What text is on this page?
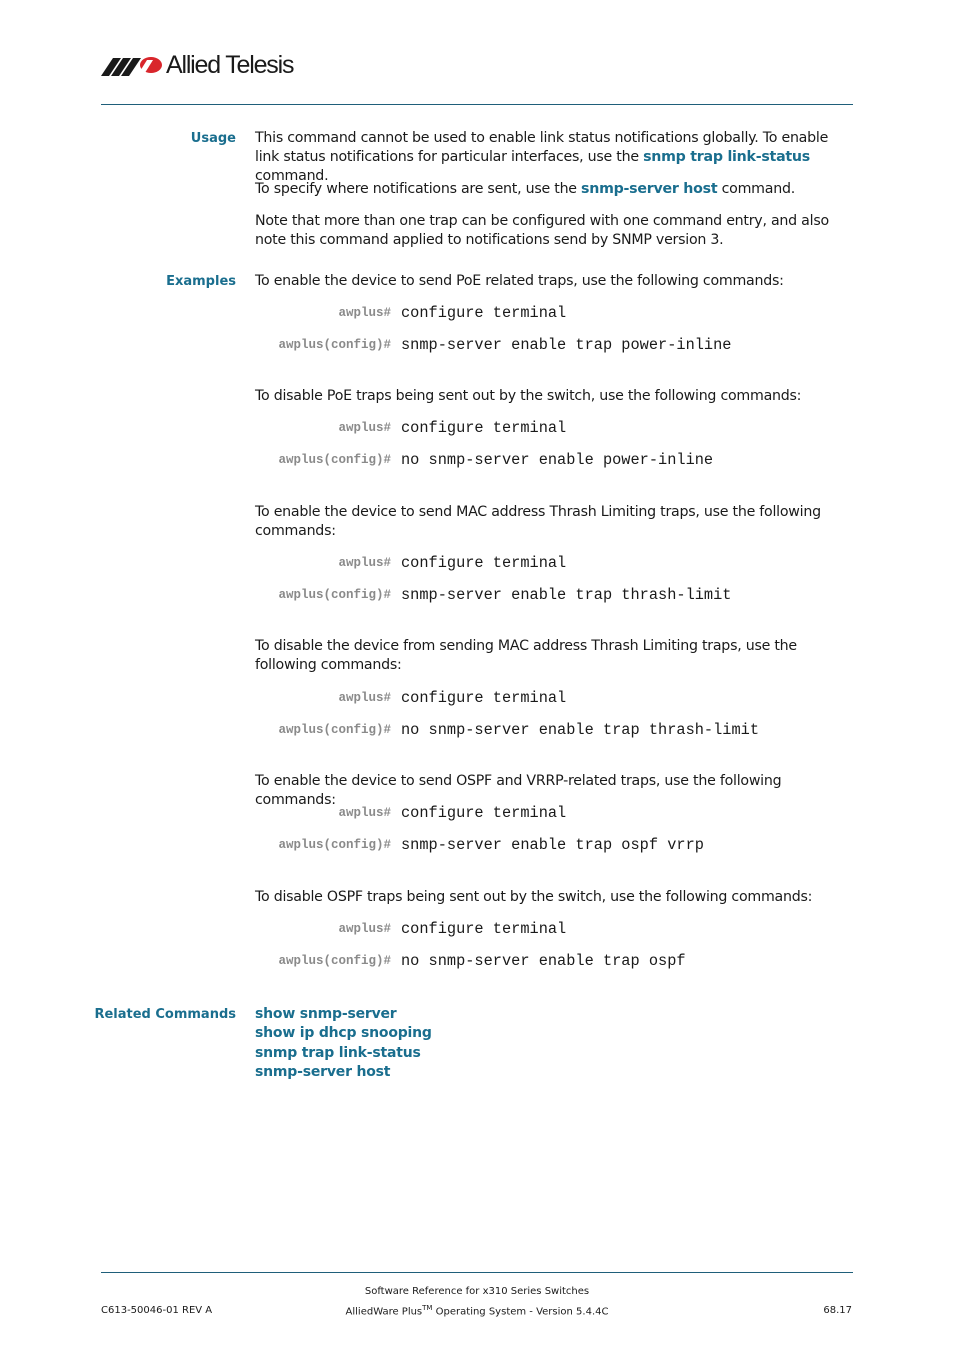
Allied Telesis
Usage This command cannot be used to enable link status notifications globally. To enable link status notifications for particular interfaces, use the snmp trap link-status command.
To specify where notifications are sent, use the snmp-server host command.
Note that more than one trap can be configured with one command entry, and also note this command applied to notifications send by SNMP version 3.
Examples To enable the device to send PoE related traps, use the following commands:
awplus# configure terminal
awplus(config)# snmp-server enable trap power-inline
To disable PoE traps being sent out by the switch, use the following commands:
awplus# configure terminal
awplus(config)# no snmp-server enable power-inline
To enable the device to send MAC address Thrash Limiting traps, use the following commands:
awplus# configure terminal
awplus(config)# snmp-server enable trap thrash-limit
To disable the device from sending MAC address Thrash Limiting traps, use the following commands:
awplus# configure terminal
awplus(config)# no snmp-server enable trap thrash-limit
To enable the device to send OSPF and VRRP-related traps, use the following commands:
awplus# configure terminal
awplus(config)# snmp-server enable trap ospf vrrp
To disable OSPF traps being sent out by the switch, use the following commands:
awplus# configure terminal
awplus(config)# no snmp-server enable trap ospf
Related Commands show snmp-server
show ip dhcp snooping
snmp trap link-status
snmp-server host
Software Reference for x310 Series Switches
AlliedWare Plus™ Operating System - Version 5.4.4C
C613-50046-01 REV A	68.17
